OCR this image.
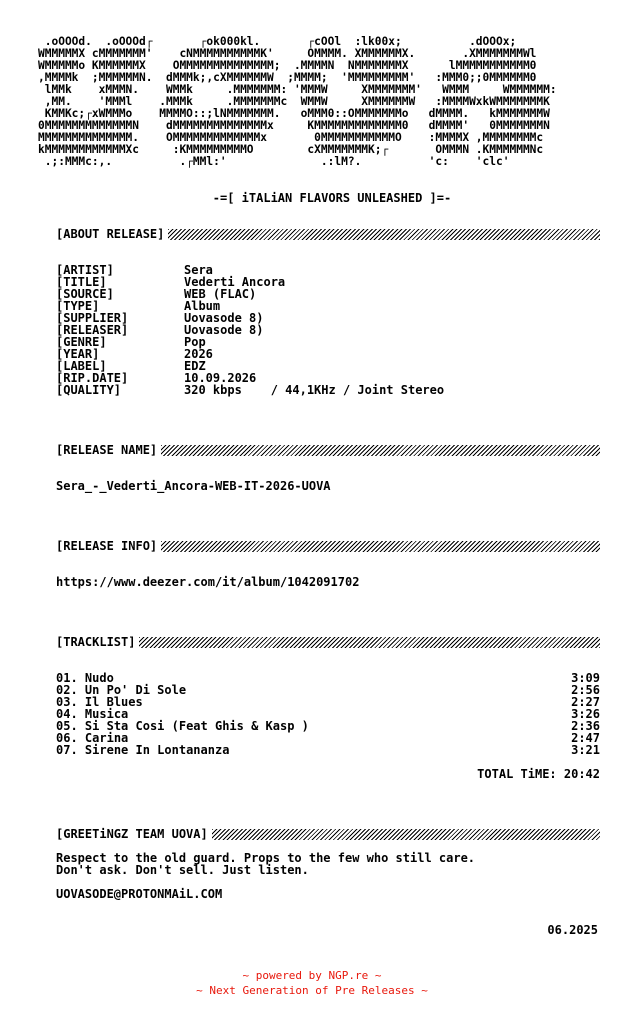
.oOOOd.  .oOOOd┌       ┌ok000kl.       ┌cOOl  :lk00x;          .dOOOx;
WMMMMMX cMMMMMMM'    cNMMMMMMMMMMK'     OMMMM. XMMMMMMX.       .XMMMMMMMWl
WMMMMMo KMMMMMMX    OMMMMMMMMMMMMMM;  .MMMMN  NMMMMMMMX      lMMMMMMMMMMM0
,MMMMk  ;MMMMMMN.  dMMMk;,cXMMMMMMW  ;MMMM;  'MMMMMMMMM'   :MMM0;;0MMMMMM0
lMMk    xMMMN.    WMMk     .MMMMMMM: 'MMMW     XMMMMMMM'   WMMM     WMMMMMM:
,MM.    'MMMl    .MMMk     .MMMMMMMc  WMMW     XMMMMMMW   :MMMMWxkWMMMMMMMK
KMMKc;┌xWMMMo    MMMMO::;lNMMMMMMM.   oMMM0::OMMMMMMMo   dMMMM.   kMMMMMMMW
0MMMMMMMMMMMMMN    dMMMMMMMMMMMMMMx     KMMMMMMMMMMMMM0   dMMMM'   0MMMMMMMN
MMMMMMMMMMMMMM.    OMMMMMMMMMMMMMx       0MMMMMMMMMMMO    :MMMMX ,MMMMMMMMc
kMMMMMMMMMMMMXc     :KMMMMMMMMMO        cXMMMMMMMK;┌       OMMMN .KMMMMMMNc
.;:MMMc:,.          .┌MMl:'              .:lM?.          'c:    'clc'
-=[ iTALiAN FLAVORS UNLEASHED ]=-
[ABOUT RELEASE]
[ARTIST]	Sera
[TITLE]	Vederti Ancora
[SOURCE]	WEB (FLAC)
[TYPE]	Album
[SUPPLIER]	Uovasode 8)
[RELEASER]	Uovasode 8)
[GENRE]	Pop
[YEAR]	2026
[LABEL]	EDZ
[RIP.DATE]	10.09.2026
[QUALITY]	320 kbps    / 44,1KHz / Joint Stereo
[RELEASE NAME]
Sera_-_Vederti_Ancora-WEB-IT-2026-UOVA
[RELEASE INFO]
https://www.deezer.com/it/album/1042091702
[TRACKLIST]
01. Nudo	3:09
02. Un Po' Di Sole	2:56
03. Il Blues	2:27
04. Musica	3:26
05. Si Sta Cosi (Feat Ghis & Kasp )	2:36
06. Carina	2:47
07. Sirene In Lontananza	3:21
TOTAL TiME: 20:42
[GREETiNGZ TEAM UOVA]
Respect to the old guard. Props to the few who still care.
Don't ask. Don't sell. Just listen.
UOVASODE@PROTONMAiL.COM
06.2025
~ powered by NGP.re ~
~ Next Generation of Pre Releases ~
